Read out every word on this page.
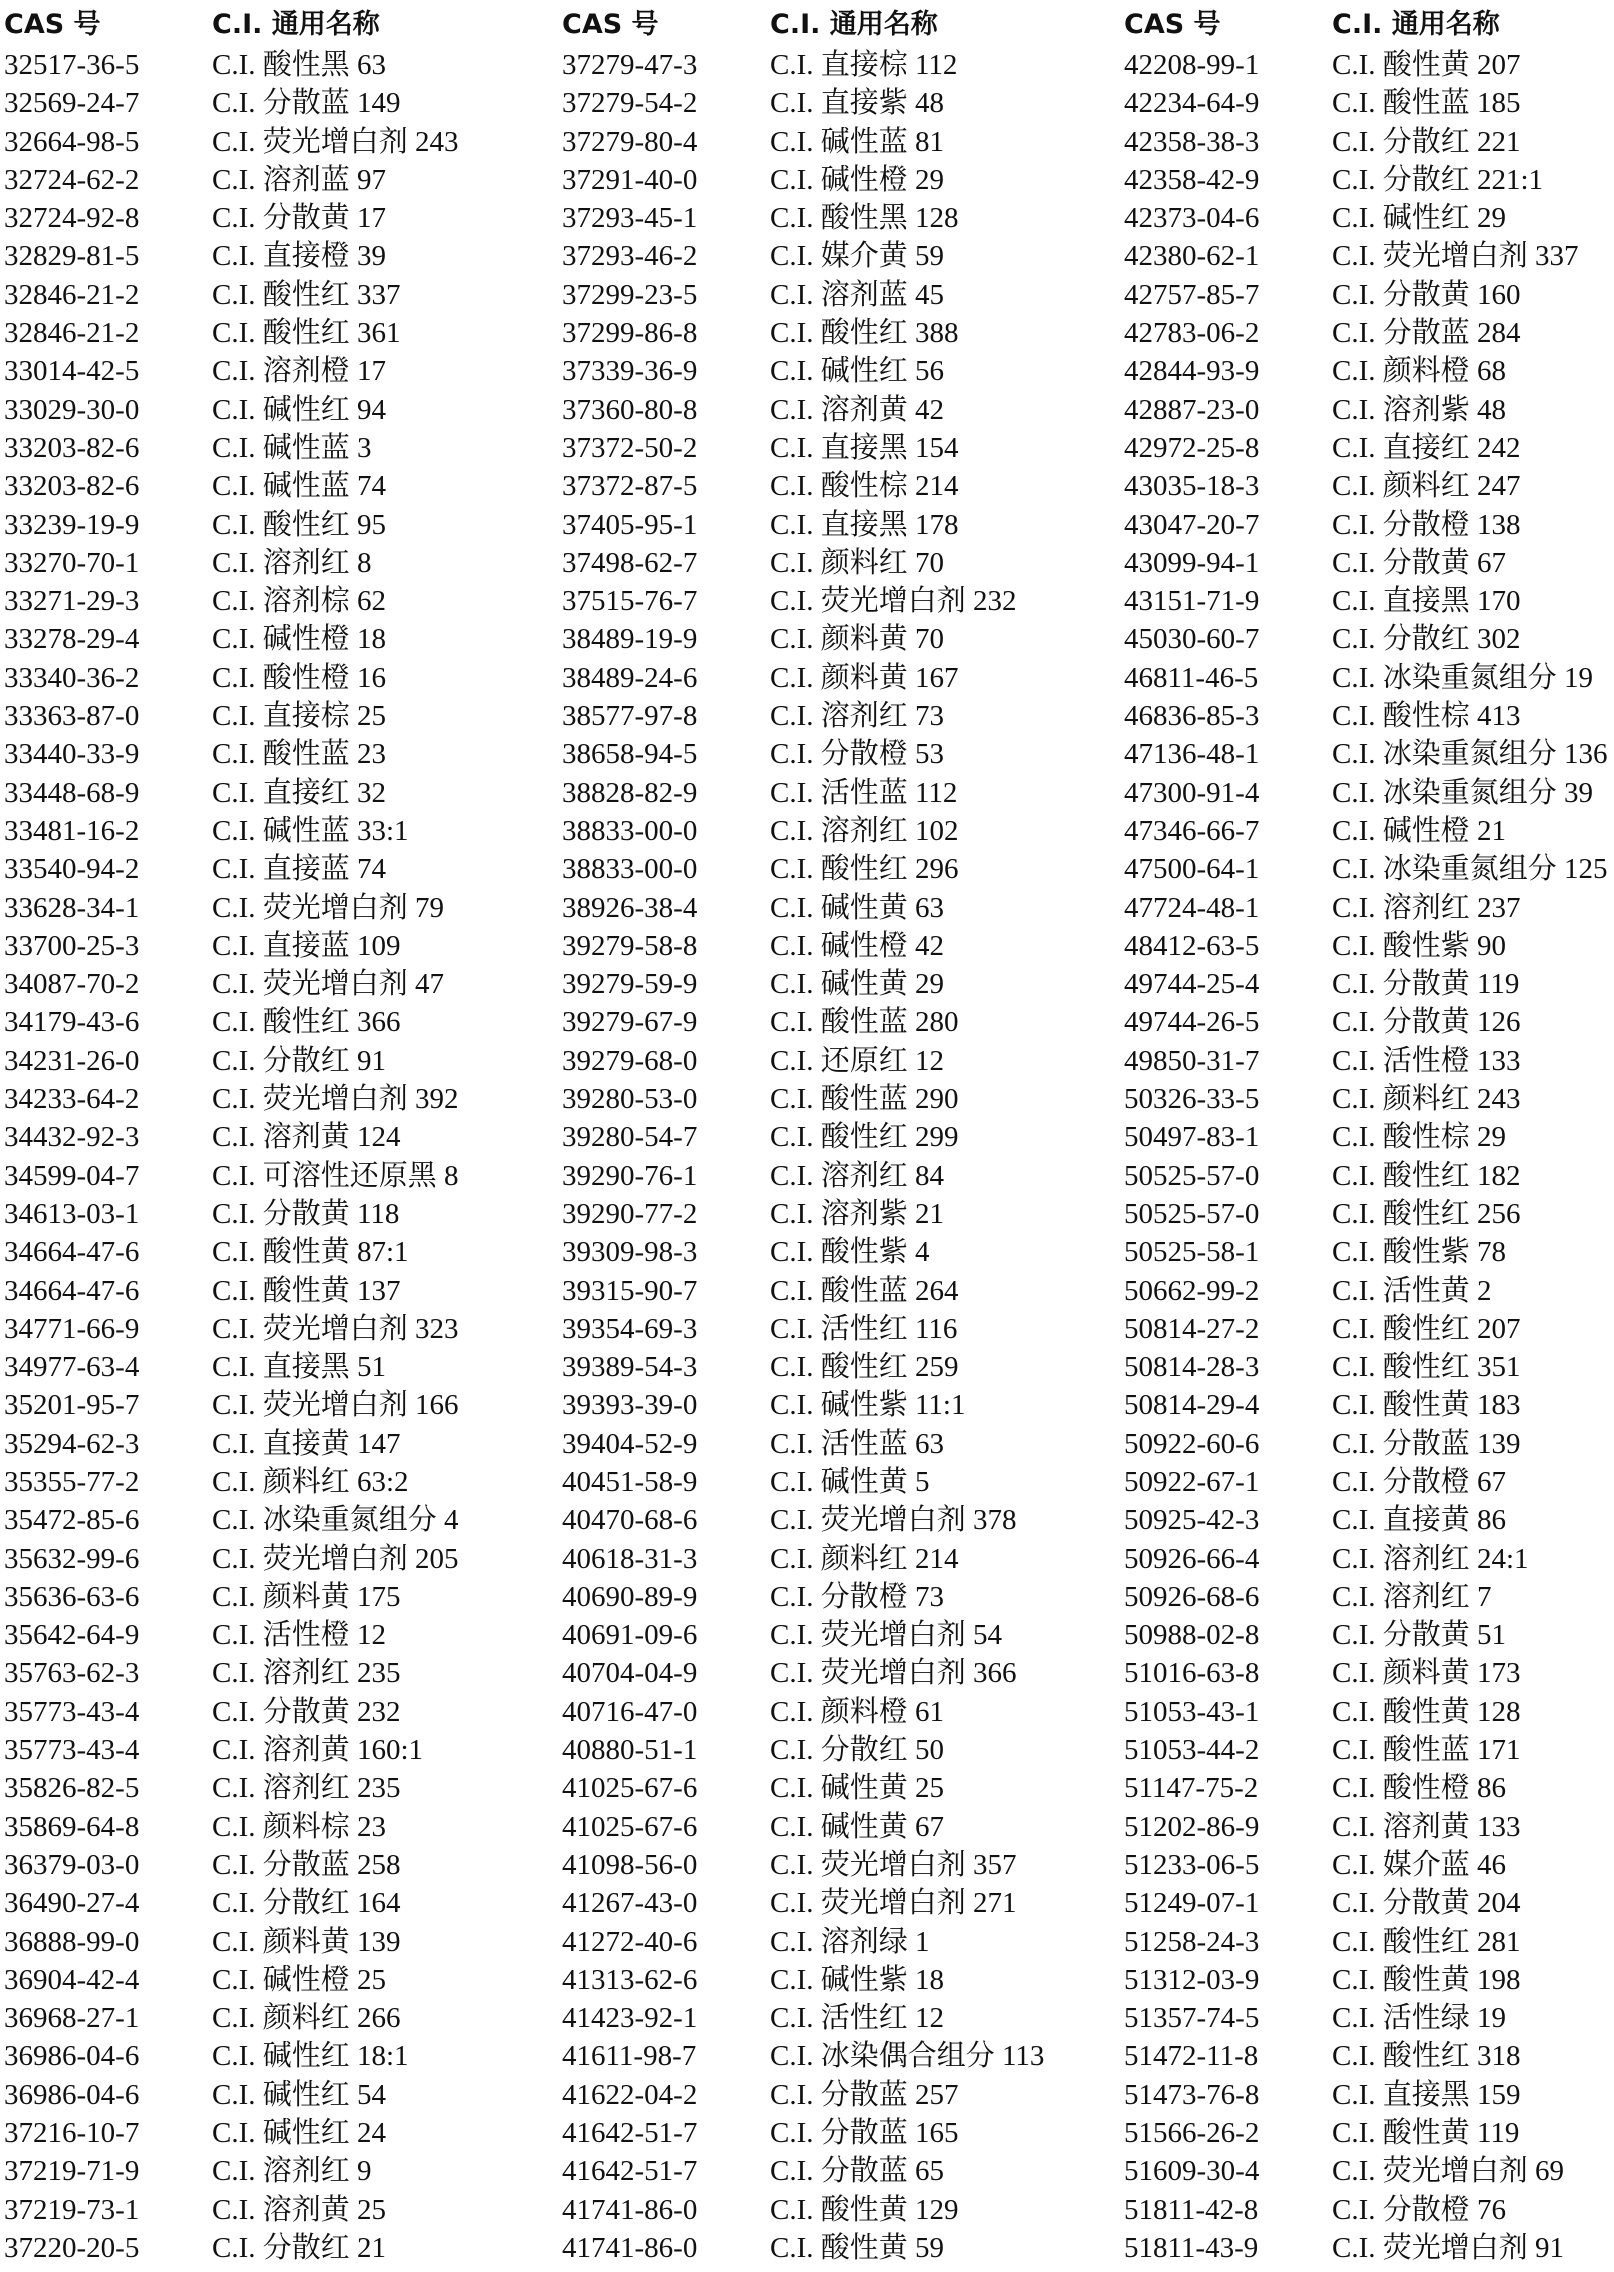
CAS 号	C.I. 通用名称
32517-36-5	C.I. 酸性黑 63
32569-24-7	C.I. 分散蓝 149
32664-98-5	C.I. 荧光增白剂 243
32724-62-2	C.I. 溶剂蓝 97
32724-92-8	C.I. 分散黄 17
32829-81-5	C.I. 直接橙 39
32846-21-2	C.I. 酸性红 337
32846-21-2	C.I. 酸性红 361
33014-42-5	C.I. 溶剂橙 17
33029-30-0	C.I. 碱性红 94
33203-82-6	C.I. 碱性蓝 3
33203-82-6	C.I. 碱性蓝 74
33239-19-9	C.I. 酸性红 95
33270-70-1	C.I. 溶剂红 8
33271-29-3	C.I. 溶剂棕 62
33278-29-4	C.I. 碱性橙 18
33340-36-2	C.I. 酸性橙 16
33363-87-0	C.I. 直接棕 25
33440-33-9	C.I. 酸性蓝 23
33448-68-9	C.I. 直接红 32
33481-16-2	C.I. 碱性蓝 33:1
33540-94-2	C.I. 直接蓝 74
33628-34-1	C.I. 荧光增白剂 79
33700-25-3	C.I. 直接蓝 109
34087-70-2	C.I. 荧光增白剂 47
34179-43-6	C.I. 酸性红 366
34231-26-0	C.I. 分散红 91
34233-64-2	C.I. 荧光增白剂 392
34432-92-3	C.I. 溶剂黄 124
34599-04-7	C.I. 可溶性还原黑 8
34613-03-1	C.I. 分散黄 118
34664-47-6	C.I. 酸性黄 87:1
34664-47-6	C.I. 酸性黄 137
34771-66-9	C.I. 荧光增白剂 323
34977-63-4	C.I. 直接黑 51
35201-95-7	C.I. 荧光增白剂 166
35294-62-3	C.I. 直接黄 147
35355-77-2	C.I. 颜料红 63:2
35472-85-6	C.I. 冰染重氮组分 4
35632-99-6	C.I. 荧光增白剂 205
35636-63-6	C.I. 颜料黄 175
35642-64-9	C.I. 活性橙 12
35763-62-3	C.I. 溶剂红 235
35773-43-4	C.I. 分散黄 232
35773-43-4	C.I. 溶剂黄 160:1
35826-82-5	C.I. 溶剂红 235
35869-64-8	C.I. 颜料棕 23
36379-03-0	C.I. 分散蓝 258
36490-27-4	C.I. 分散红 164
36888-99-0	C.I. 颜料黄 139
36904-42-4	C.I. 碱性橙 25
36968-27-1	C.I. 颜料红 266
36986-04-6	C.I. 碱性红 18:1
36986-04-6	C.I. 碱性红 54
37216-10-7	C.I. 碱性红 24
37219-71-9	C.I. 溶剂红 9
37219-73-1	C.I. 溶剂黄 25
37220-20-5	C.I. 分散红 21
CAS 号	C.I. 通用名称
37279-47-3	C.I. 直接棕 112
37279-54-2	C.I. 直接紫 48
37279-80-4	C.I. 碱性蓝 81
37291-40-0	C.I. 碱性橙 29
37293-45-1	C.I. 酸性黑 128
37293-46-2	C.I. 媒介黄 59
37299-23-5	C.I. 溶剂蓝 45
37299-86-8	C.I. 酸性红 388
37339-36-9	C.I. 碱性红 56
37360-80-8	C.I. 溶剂黄 42
37372-50-2	C.I. 直接黑 154
37372-87-5	C.I. 酸性棕 214
37405-95-1	C.I. 直接黑 178
37498-62-7	C.I. 颜料红 70
37515-76-7	C.I. 荧光增白剂 232
38489-19-9	C.I. 颜料黄 70
38489-24-6	C.I. 颜料黄 167
38577-97-8	C.I. 溶剂红 73
38658-94-5	C.I. 分散橙 53
38828-82-9	C.I. 活性蓝 112
38833-00-0	C.I. 溶剂红 102
38833-00-0	C.I. 酸性红 296
38926-38-4	C.I. 碱性黄 63
39279-58-8	C.I. 碱性橙 42
39279-59-9	C.I. 碱性黄 29
39279-67-9	C.I. 酸性蓝 280
39279-68-0	C.I. 还原红 12
39280-53-0	C.I. 酸性蓝 290
39280-54-7	C.I. 酸性红 299
39290-76-1	C.I. 溶剂红 84
39290-77-2	C.I. 溶剂紫 21
39309-98-3	C.I. 酸性紫 4
39315-90-7	C.I. 酸性蓝 264
39354-69-3	C.I. 活性红 116
39389-54-3	C.I. 酸性红 259
39393-39-0	C.I. 碱性紫 11:1
39404-52-9	C.I. 活性蓝 63
40451-58-9	C.I. 碱性黄 5
40470-68-6	C.I. 荧光增白剂 378
40618-31-3	C.I. 颜料红 214
40690-89-9	C.I. 分散橙 73
40691-09-6	C.I. 荧光增白剂 54
40704-04-9	C.I. 荧光增白剂 366
40716-47-0	C.I. 颜料橙 61
40880-51-1	C.I. 分散红 50
41025-67-6	C.I. 碱性黄 25
41025-67-6	C.I. 碱性黄 67
41098-56-0	C.I. 荧光增白剂 357
41267-43-0	C.I. 荧光增白剂 271
41272-40-6	C.I. 溶剂绿 1
41313-62-6	C.I. 碱性紫 18
41423-92-1	C.I. 活性红 12
41611-98-7	C.I. 冰染偶合组分 113
41622-04-2	C.I. 分散蓝 257
41642-51-7	C.I. 分散蓝 165
41642-51-7	C.I. 分散蓝 65
41741-86-0	C.I. 酸性黄 129
41741-86-0	C.I. 酸性黄 59
CAS 号	C.I. 通用名称
42208-99-1	C.I. 酸性黄 207
42234-64-9	C.I. 酸性蓝 185
42358-38-3	C.I. 分散红 221
42358-42-9	C.I. 分散红 221:1
42373-04-6	C.I. 碱性红 29
42380-62-1	C.I. 荧光增白剂 337
42757-85-7	C.I. 分散黄 160
42783-06-2	C.I. 分散蓝 284
42844-93-9	C.I. 颜料橙 68
42887-23-0	C.I. 溶剂紫 48
42972-25-8	C.I. 直接红 242
43035-18-3	C.I. 颜料红 247
43047-20-7	C.I. 分散橙 138
43099-94-1	C.I. 分散黄 67
43151-71-9	C.I. 直接黑 170
45030-60-7	C.I. 分散红 302
46811-46-5	C.I. 冰染重氮组分 19
46836-85-3	C.I. 酸性棕 413
47136-48-1	C.I. 冰染重氮组分 136
47300-91-4	C.I. 冰染重氮组分 39
47346-66-7	C.I. 碱性橙 21
47500-64-1	C.I. 冰染重氮组分 125
47724-48-1	C.I. 溶剂红 237
48412-63-5	C.I. 酸性紫 90
49744-25-4	C.I. 分散黄 119
49744-26-5	C.I. 分散黄 126
49850-31-7	C.I. 活性橙 133
50326-33-5	C.I. 颜料红 243
50497-83-1	C.I. 酸性棕 29
50525-57-0	C.I. 酸性红 182
50525-57-0	C.I. 酸性红 256
50525-58-1	C.I. 酸性紫 78
50662-99-2	C.I. 活性黄 2
50814-27-2	C.I. 酸性红 207
50814-28-3	C.I. 酸性红 351
50814-29-4	C.I. 酸性黄 183
50922-60-6	C.I. 分散蓝 139
50922-67-1	C.I. 分散橙 67
50925-42-3	C.I. 直接黄 86
50926-66-4	C.I. 溶剂红 24:1
50926-68-6	C.I. 溶剂红 7
50988-02-8	C.I. 分散黄 51
51016-63-8	C.I. 颜料黄 173
51053-43-1	C.I. 酸性黄 128
51053-44-2	C.I. 酸性蓝 171
51147-75-2	C.I. 酸性橙 86
51202-86-9	C.I. 溶剂黄 133
51233-06-5	C.I. 媒介蓝 46
51249-07-1	C.I. 分散黄 204
51258-24-3	C.I. 酸性红 281
51312-03-9	C.I. 酸性黄 198
51357-74-5	C.I. 活性绿 19
51472-11-8	C.I. 酸性红 318
51473-76-8	C.I. 直接黑 159
51566-26-2	C.I. 酸性黄 119
51609-30-4	C.I. 荧光增白剂 69
51811-42-8	C.I. 分散橙 76
51811-43-9	C.I. 荧光增白剂 91
